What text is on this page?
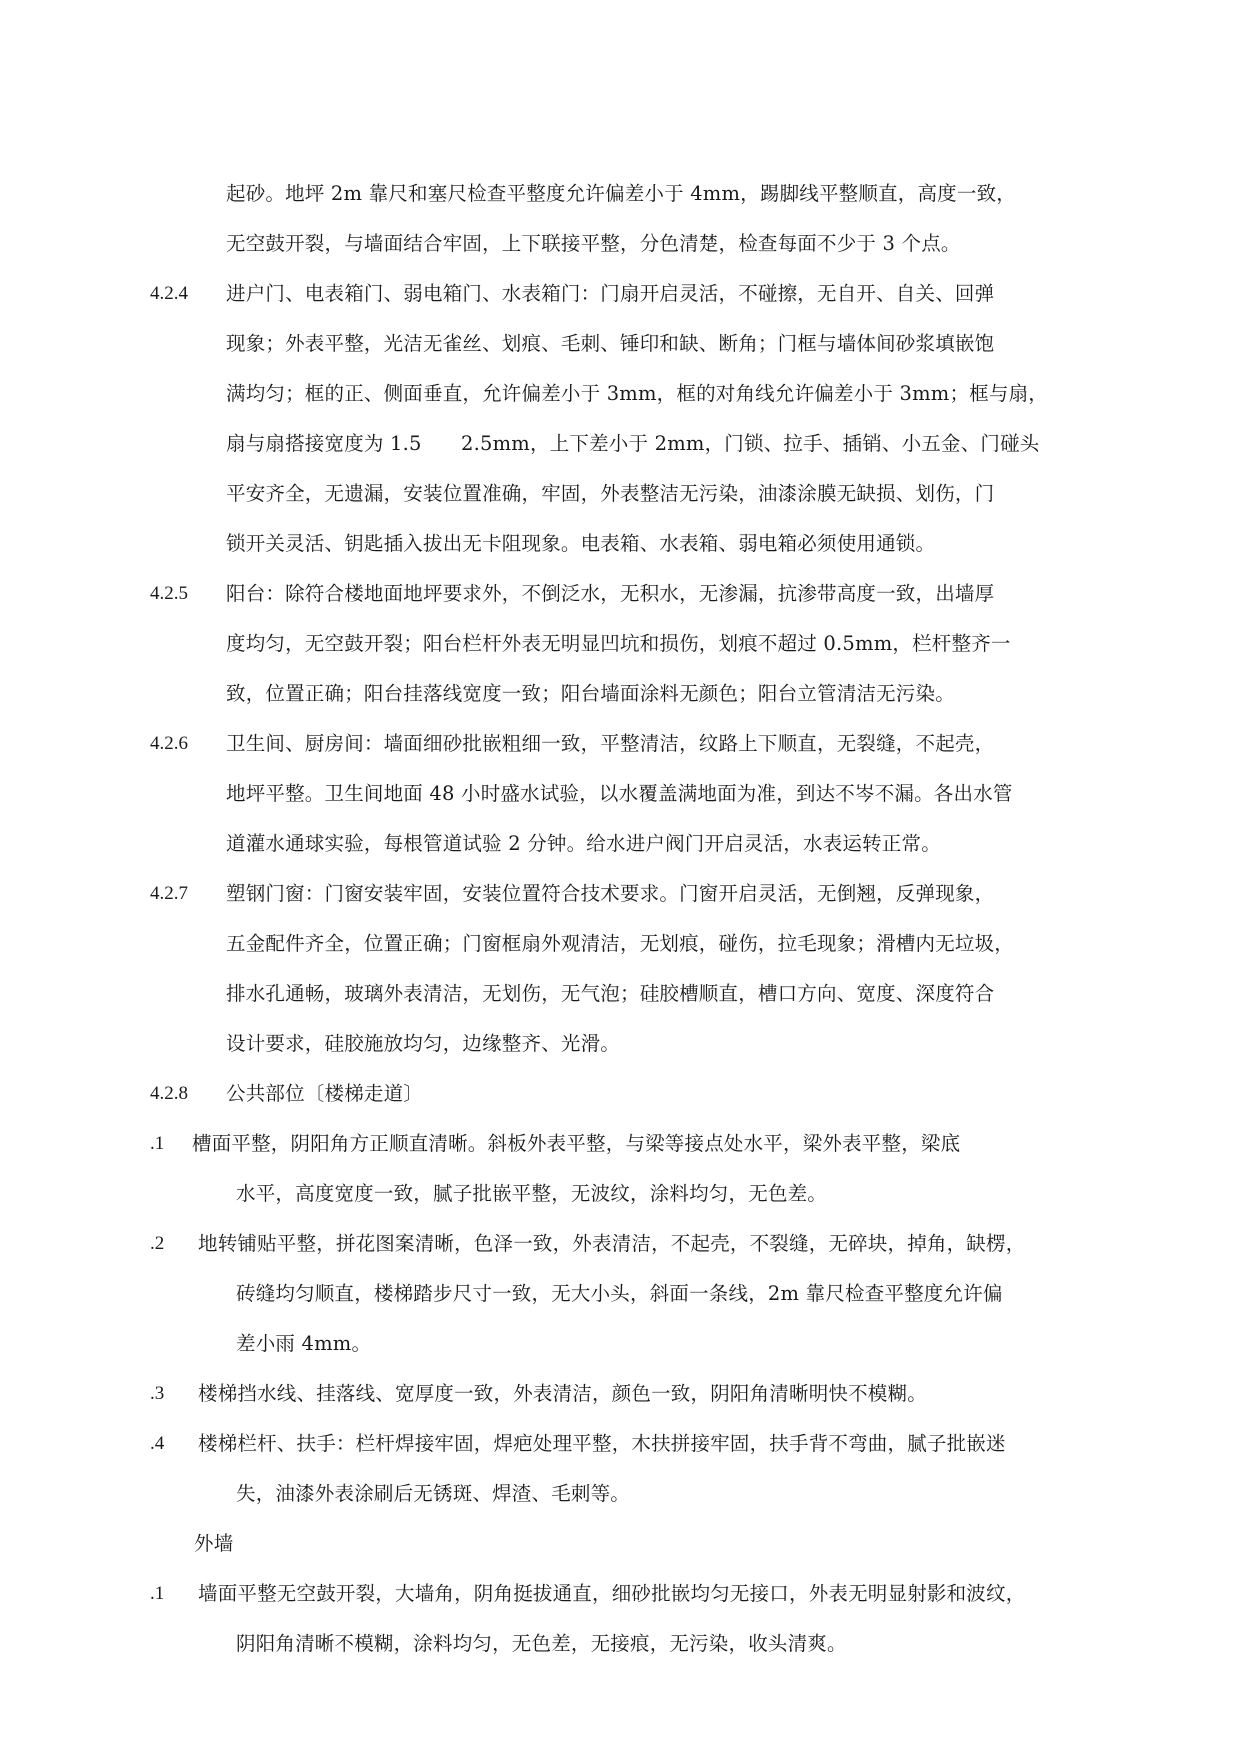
起砂。地坪 2m 靠尺和塞尺检查平整度允许偏差小于 4mm，踢脚线平整顺直，高度一致，
无空鼓开裂，与墙面结合牢固，上下联接平整，分色清楚，检查每面不少于 3 个点。
4.2.4 进户门、电表箱门、弱电箱门、水表箱门：门扇开启灵活，不碰擦，无自开、自关、回弹
现象；外表平整，光洁无雀丝、划痕、毛刺、锤印和缺、断角；门框与墙体间砂浆填嵌饱
满均匀；框的正、侧面垂直，允许偏差小于 3mm，框的对角线允许偏差小于 3mm；框与扇，
扇与扇搭接宽度为 1.5　　2.5mm，上下差小于 2mm，门锁、拉手、插销、小五金、门碰头
平安齐全，无遗漏，安装位置准确，牢固，外表整洁无污染，油漆涂膜无缺损、划伤，门
锁开关灵活、钥匙插入拔出无卡阻现象。电表箱、水表箱、弱电箱必须使用通锁。
4.2.5 阳台：除符合楼地面地坪要求外，不倒泛水，无积水，无渗漏，抗渗带高度一致，出墙厚
度均匀，无空鼓开裂；阳台栏杆外表无明显凹坑和损伤，划痕不超过 0.5mm，栏杆整齐一
致，位置正确；阳台挂落线宽度一致；阳台墙面涂料无颜色；阳台立管清洁无污染。
4.2.6 卫生间、厨房间：墙面细砂批嵌粗细一致，平整清洁，纹路上下顺直，无裂缝，不起壳，
地坪平整。卫生间地面 48 小时盛水试验，以水覆盖满地面为准，到达不岑不漏。各出水管
道灌水通球实验，每根管道试验 2 分钟。给水进户阀门开启灵活，水表运转正常。
4.2.7 塑钢门窗：门窗安装牢固，安装位置符合技术要求。门窗开启灵活，无倒翘，反弹现象，
五金配件齐全，位置正确；门窗框扇外观清洁，无划痕，碰伤，拉毛现象；滑槽内无垃圾，
排水孔通畅，玻璃外表清洁，无划伤，无气泡；硅胶槽顺直，槽口方向、宽度、深度符合
设计要求，硅胶施放均匀，边缘整齐、光滑。
4.2.8 公共部位〔楼梯走道〕
.1 槽面平整，阴阳角方正顺直清晰。斜板外表平整，与梁等接点处水平，梁外表平整，梁底
水平，高度宽度一致，腻子批嵌平整，无波纹，涂料均匀，无色差。
.2 地转铺贴平整，拼花图案清晰，色泽一致，外表清洁，不起壳，不裂缝，无碎块，掉角，缺楞，
砖缝均匀顺直，楼梯踏步尺寸一致，无大小头，斜面一条线，2m 靠尺检查平整度允许偏
差小雨 4mm。
.3 楼梯挡水线、挂落线、宽厚度一致，外表清洁，颜色一致，阴阳角清晰明快不模糊。
.4 楼梯栏杆、扶手：栏杆焊接牢固，焊疤处理平整，木扶拼接牢固，扶手背不弯曲，腻子批嵌迷
失，油漆外表涂刷后无锈斑、焊渣、毛刺等。
外墙
.1 墙面平整无空鼓开裂，大墙角，阴角挺拔通直，细砂批嵌均匀无接口，外表无明显射影和波纹，
阴阳角清晰不模糊，涂料均匀，无色差，无接痕，无污染，收头清爽。
